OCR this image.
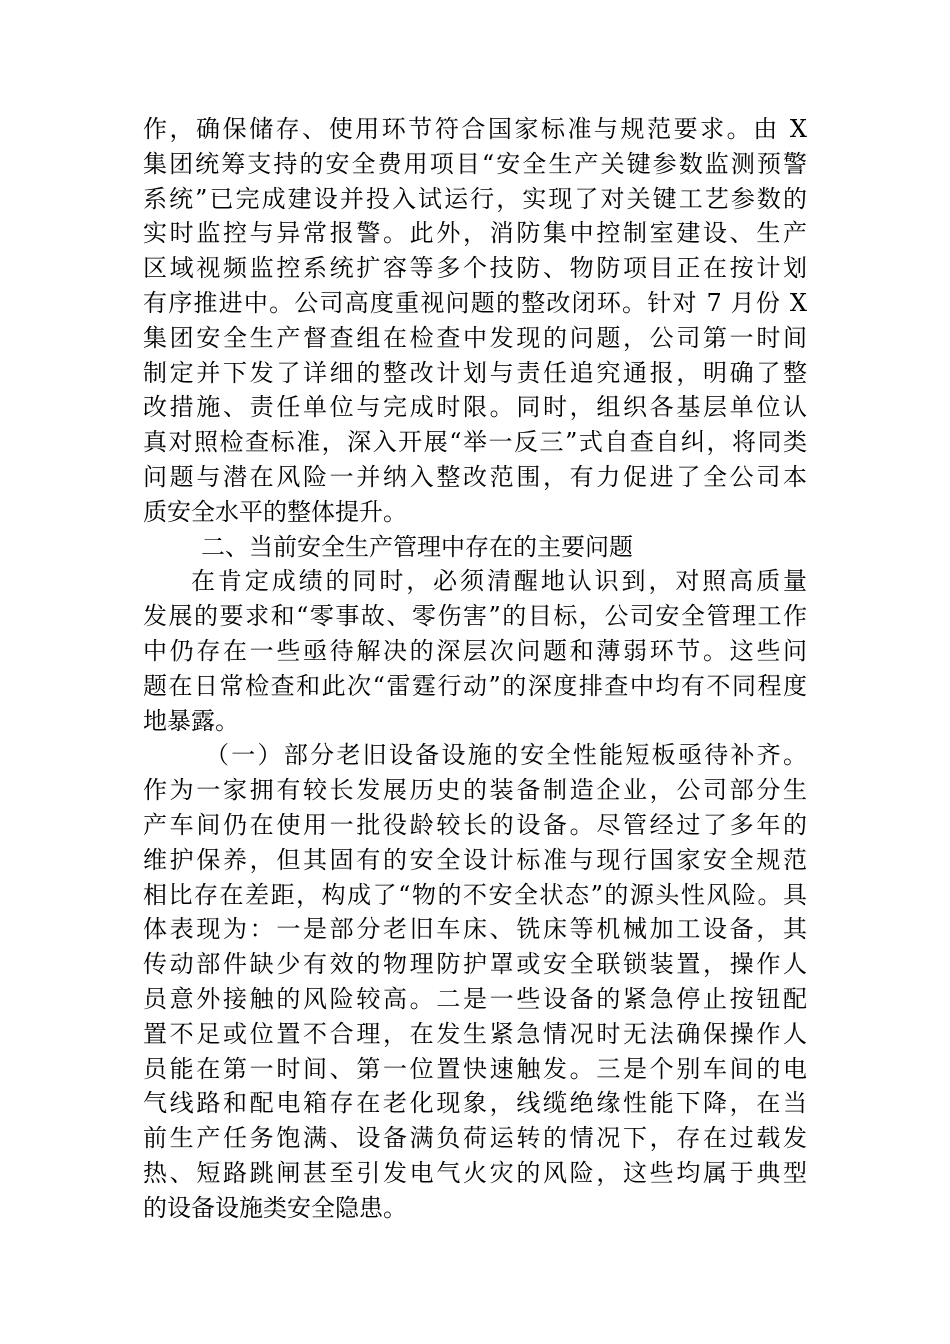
作，确保储存、使用环节符合国家标准与规范要求。由 X
集团统筹支持的安全费用项目“安全生产关键参数监测预警
系统”已完成建设并投入试运行，实现了对关键工艺参数的
实时监控与异常报警。此外，消防集中控制室建设、生产
区域视频监控系统扩容等多个技防、物防项目正在按计划
有序推进中。公司高度重视问题的整改闭环。针对 7 月份 X
集团安全生产督查组在检查中发现的问题，公司第一时间
制定并下发了详细的整改计划与责任追究通报，明确了整
改措施、责任单位与完成时限。同时，组织各基层单位认
真对照检查标准，深入开展“举一反三”式自查自纠，将同类
问题与潜在风险一并纳入整改范围，有力促进了全公司本
质安全水平的整体提升。
二、当前安全生产管理中存在的主要问题
在肯定成绩的同时，必须清醒地认识到，对照高质量
发展的要求和“零事故、零伤害”的目标，公司安全管理工作
中仍存在一些亟待解决的深层次问题和薄弱环节。这些问
题在日常检查和此次“雷霆行动”的深度排查中均有不同程度
地暴露。
（一）部分老旧设备设施的安全性能短板亟待补齐。
作为一家拥有较长发展历史的装备制造企业，公司部分生
产车间仍在使用一批役龄较长的设备。尽管经过了多年的
维护保养，但其固有的安全设计标准与现行国家安全规范
相比存在差距，构成了“物的不安全状态”的源头性风险。具
体表现为：一是部分老旧车床、铣床等机械加工设备，其
传动部件缺少有效的物理防护罩或安全联锁装置，操作人
员意外接触的风险较高。二是一些设备的紧急停止按钮配
置不足或位置不合理，在发生紧急情况时无法确保操作人
员能在第一时间、第一位置快速触发。三是个别车间的电
气线路和配电箱存在老化现象，线缆绝缘性能下降，在当
前生产任务饱满、设备满负荷运转的情况下，存在过载发
热、短路跳闸甚至引发电气火灾的风险，这些均属于典型
的设备设施类安全隐患。
